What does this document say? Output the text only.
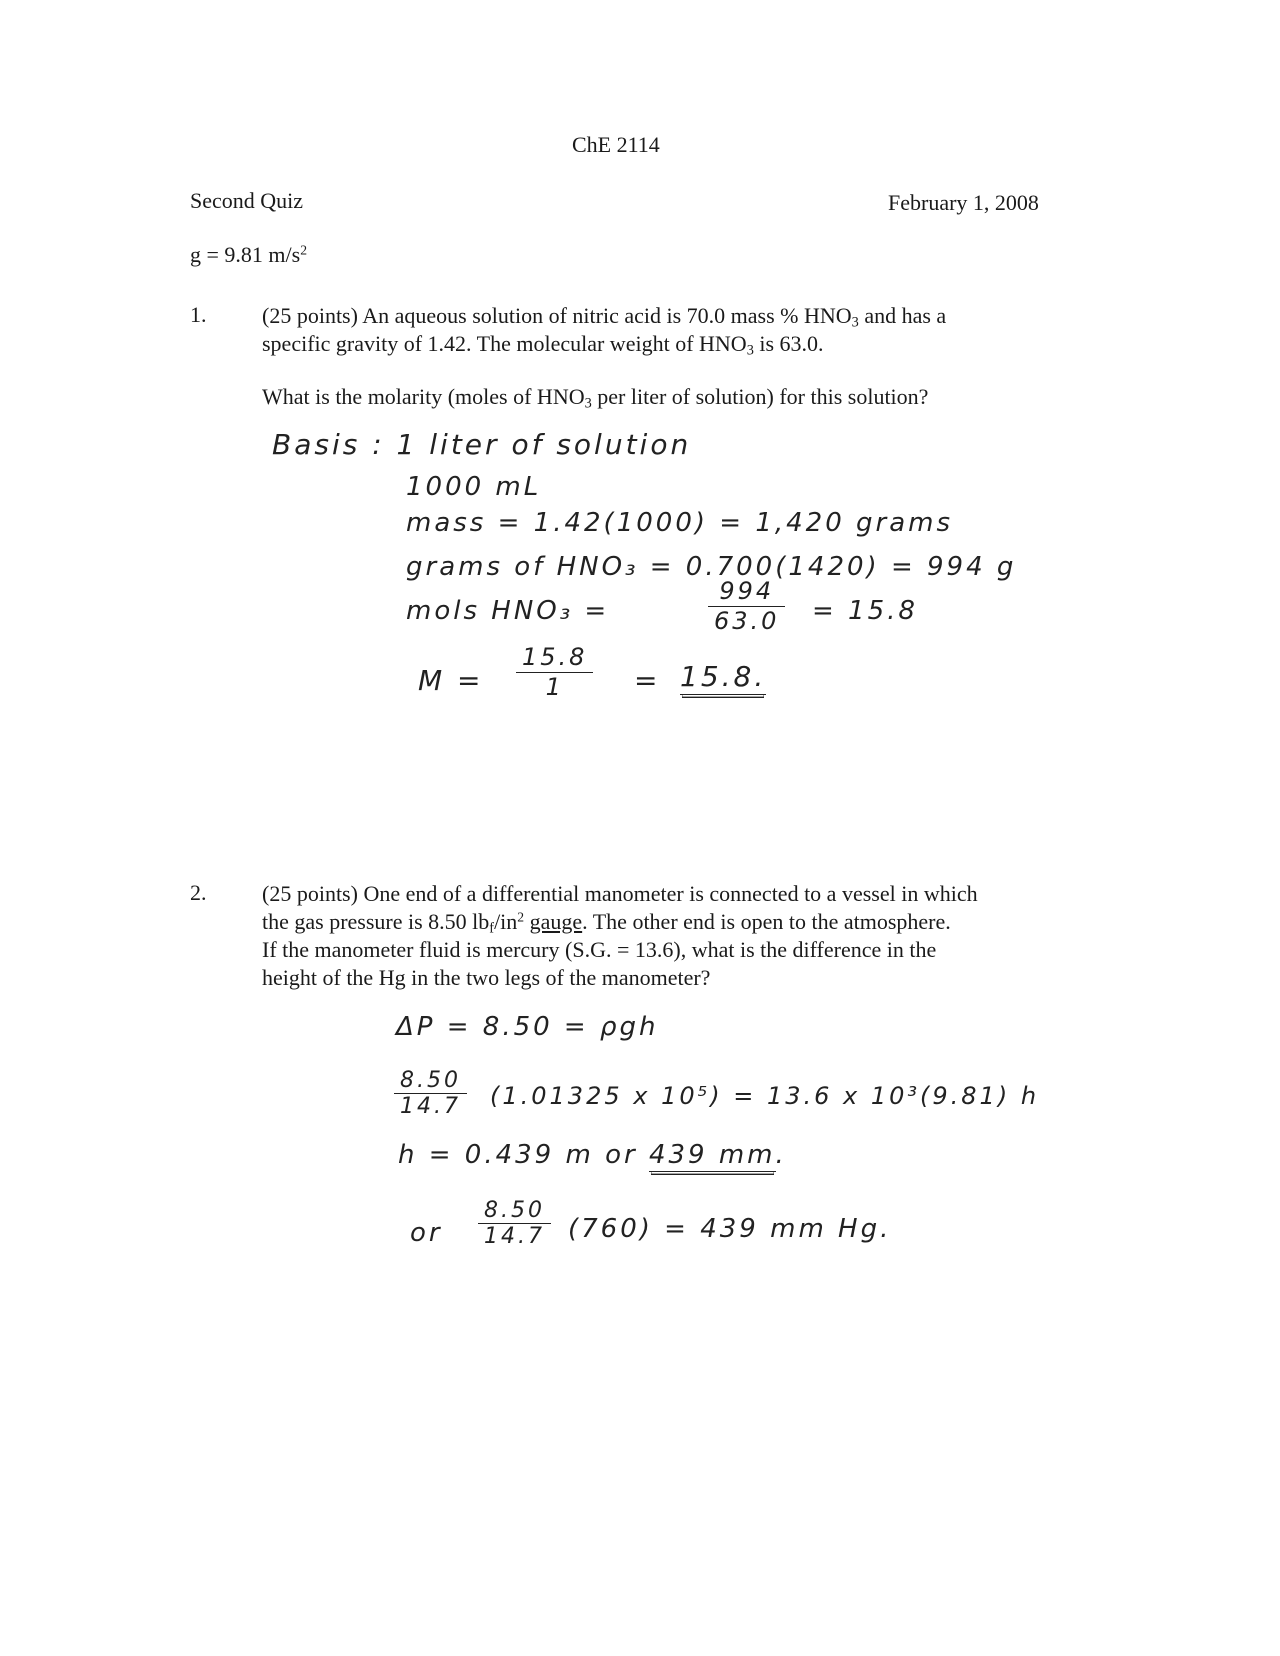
ChE 2114
Second Quiz	February 1, 2008
g = 9.81 $m/s^2$
1.	(25 points) An aqueous solution of nitric acid is 70.0 mass % $HNO_3$ and has a
specific gravity of 1.42. The molecular weight of $HNO_3$ is 63.0.
What is the molarity (moles of $HNO_3$ per liter of solution) for this solution?
Basis : 1 liter of solution
1000 mL
mass = 1.42(1000) = 1,420 grams
grams of HNO₃ = 0.700(1420) = 994 g
mols HNO₃ =	$\frac{994}{63.0} = 15.8$
$M = \frac{15.8}{1} = 15.8$.
2.	(25 points) One end of a differential manometer is connected to a vessel in which
the gas pressure is 8.50 $lb_f/in^2$ gauge. The other end is open to the atmosphere.
If the manometer fluid is mercury (S.G. = 13.6), what is the difference in the
height of the Hg in the two legs of the manometer?
ΔP = 8.50 = ρgh
$\frac{8.50}{14.7} (1.01325$ x 10⁵) = 13.6 x 10³(9.81) h
h = 0.439 m or 439 mm.
or $\frac{8.50}{14.7} (760) = 439$ mm Hg.
